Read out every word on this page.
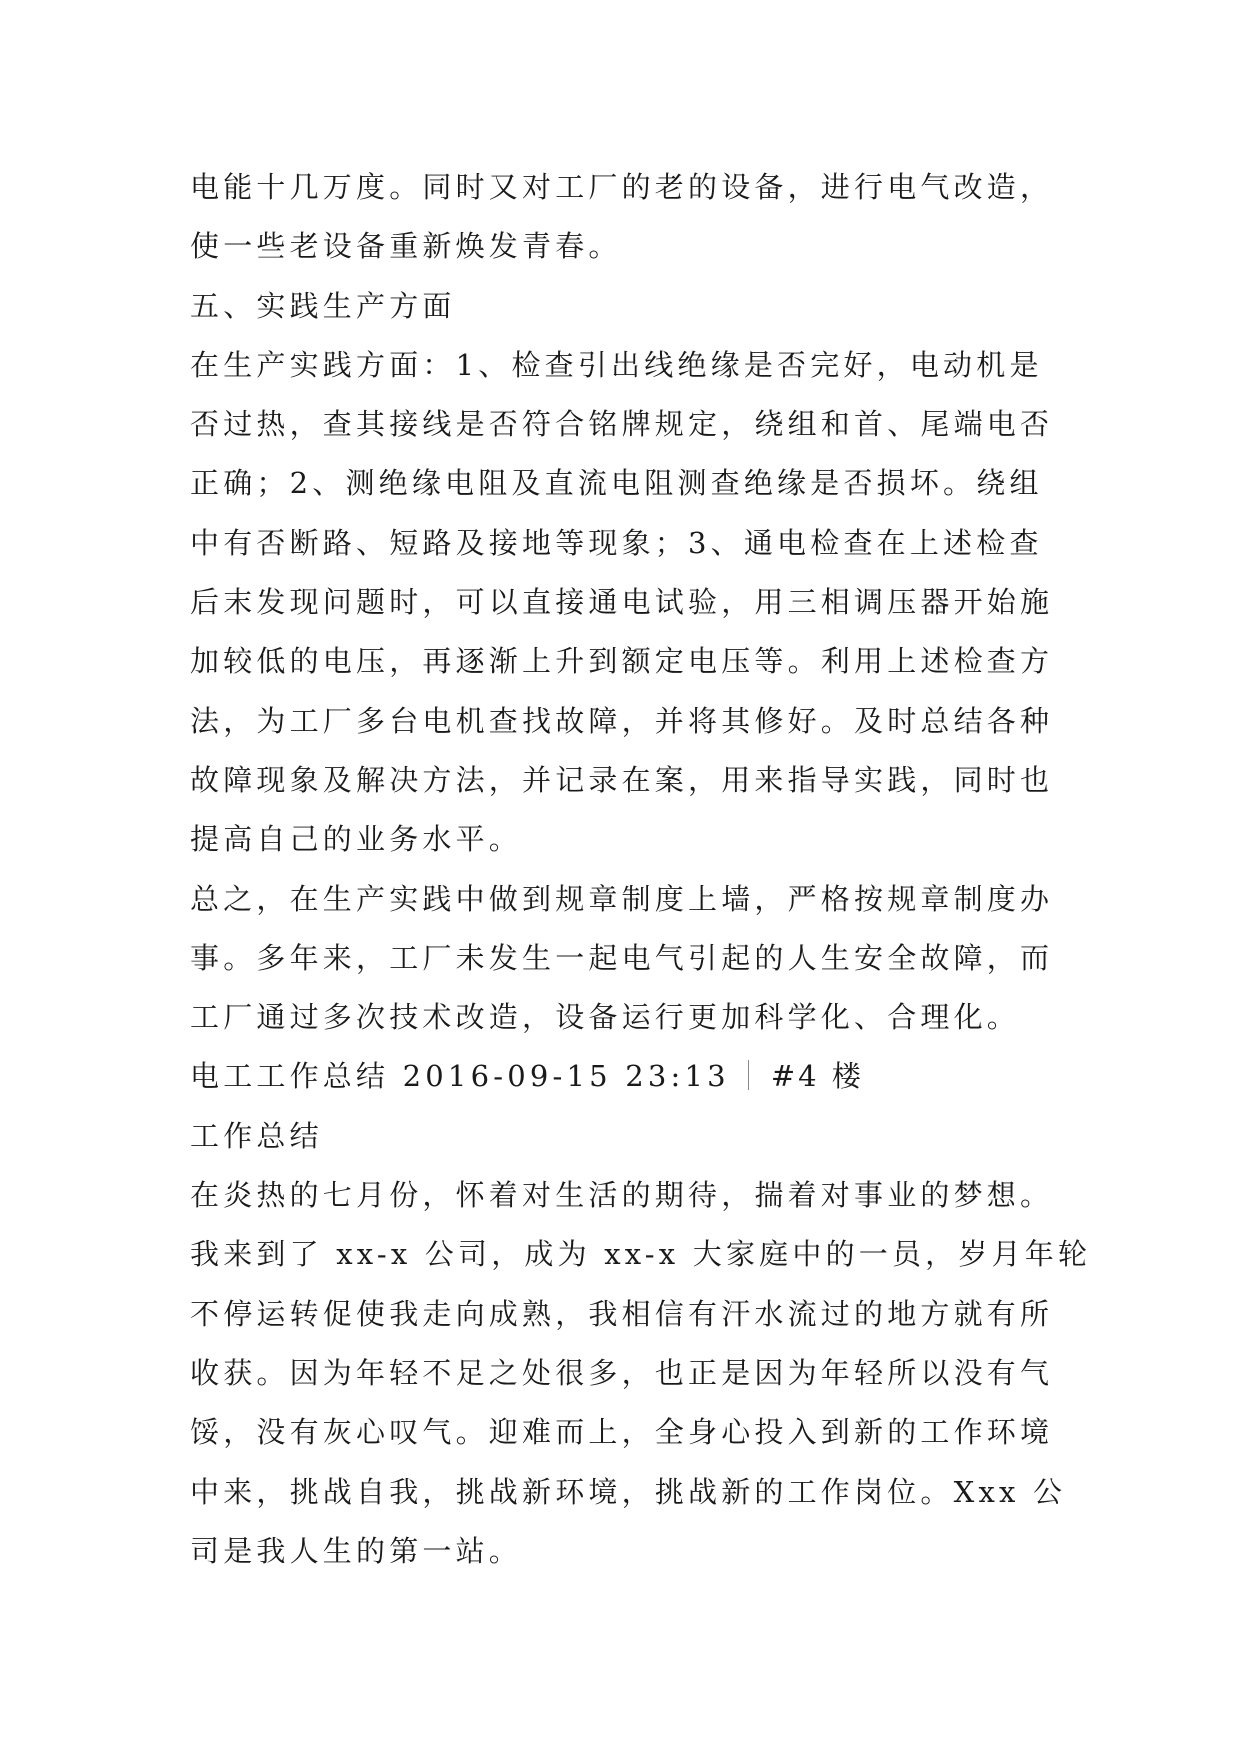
电能十几万度。同时又对工厂的老的设备，进行电气改造，
使一些老设备重新焕发青春。
五、实践生产方面
在生产实践方面：1、检查引出线绝缘是否完好，电动机是
否过热，查其接线是否符合铭牌规定，绕组和首、尾端电否
正确；2、测绝缘电阻及直流电阻测查绝缘是否损坏。绕组
中有否断路、短路及接地等现象；3、通电检查在上述检查
后末发现问题时，可以直接通电试验，用三相调压器开始施
加较低的电压，再逐渐上升到额定电压等。利用上述检查方
法，为工厂多台电机查找故障，并将其修好。及时总结各种
故障现象及解决方法，并记录在案，用来指导实践，同时也
提高自己的业务水平。
总之，在生产实践中做到规章制度上墙，严格按规章制度办
事。多年来，工厂未发生一起电气引起的人生安全故障，而
工厂通过多次技术改造，设备运行更加科学化、合理化。
电工工作总结 2016-09-15 23:13 #4 楼
工作总结
在炎热的七月份，怀着对生活的期待，揣着对事业的梦想。
我来到了 xx-x 公司，成为 xx-x 大家庭中的一员，岁月年轮
不停运转促使我走向成熟，我相信有汗水流过的地方就有所
收获。因为年轻不足之处很多，也正是因为年轻所以没有气
馁，没有灰心叹气。迎难而上，全身心投入到新的工作环境
中来，挑战自我，挑战新环境，挑战新的工作岗位。Xxx 公
司是我人生的第一站。
